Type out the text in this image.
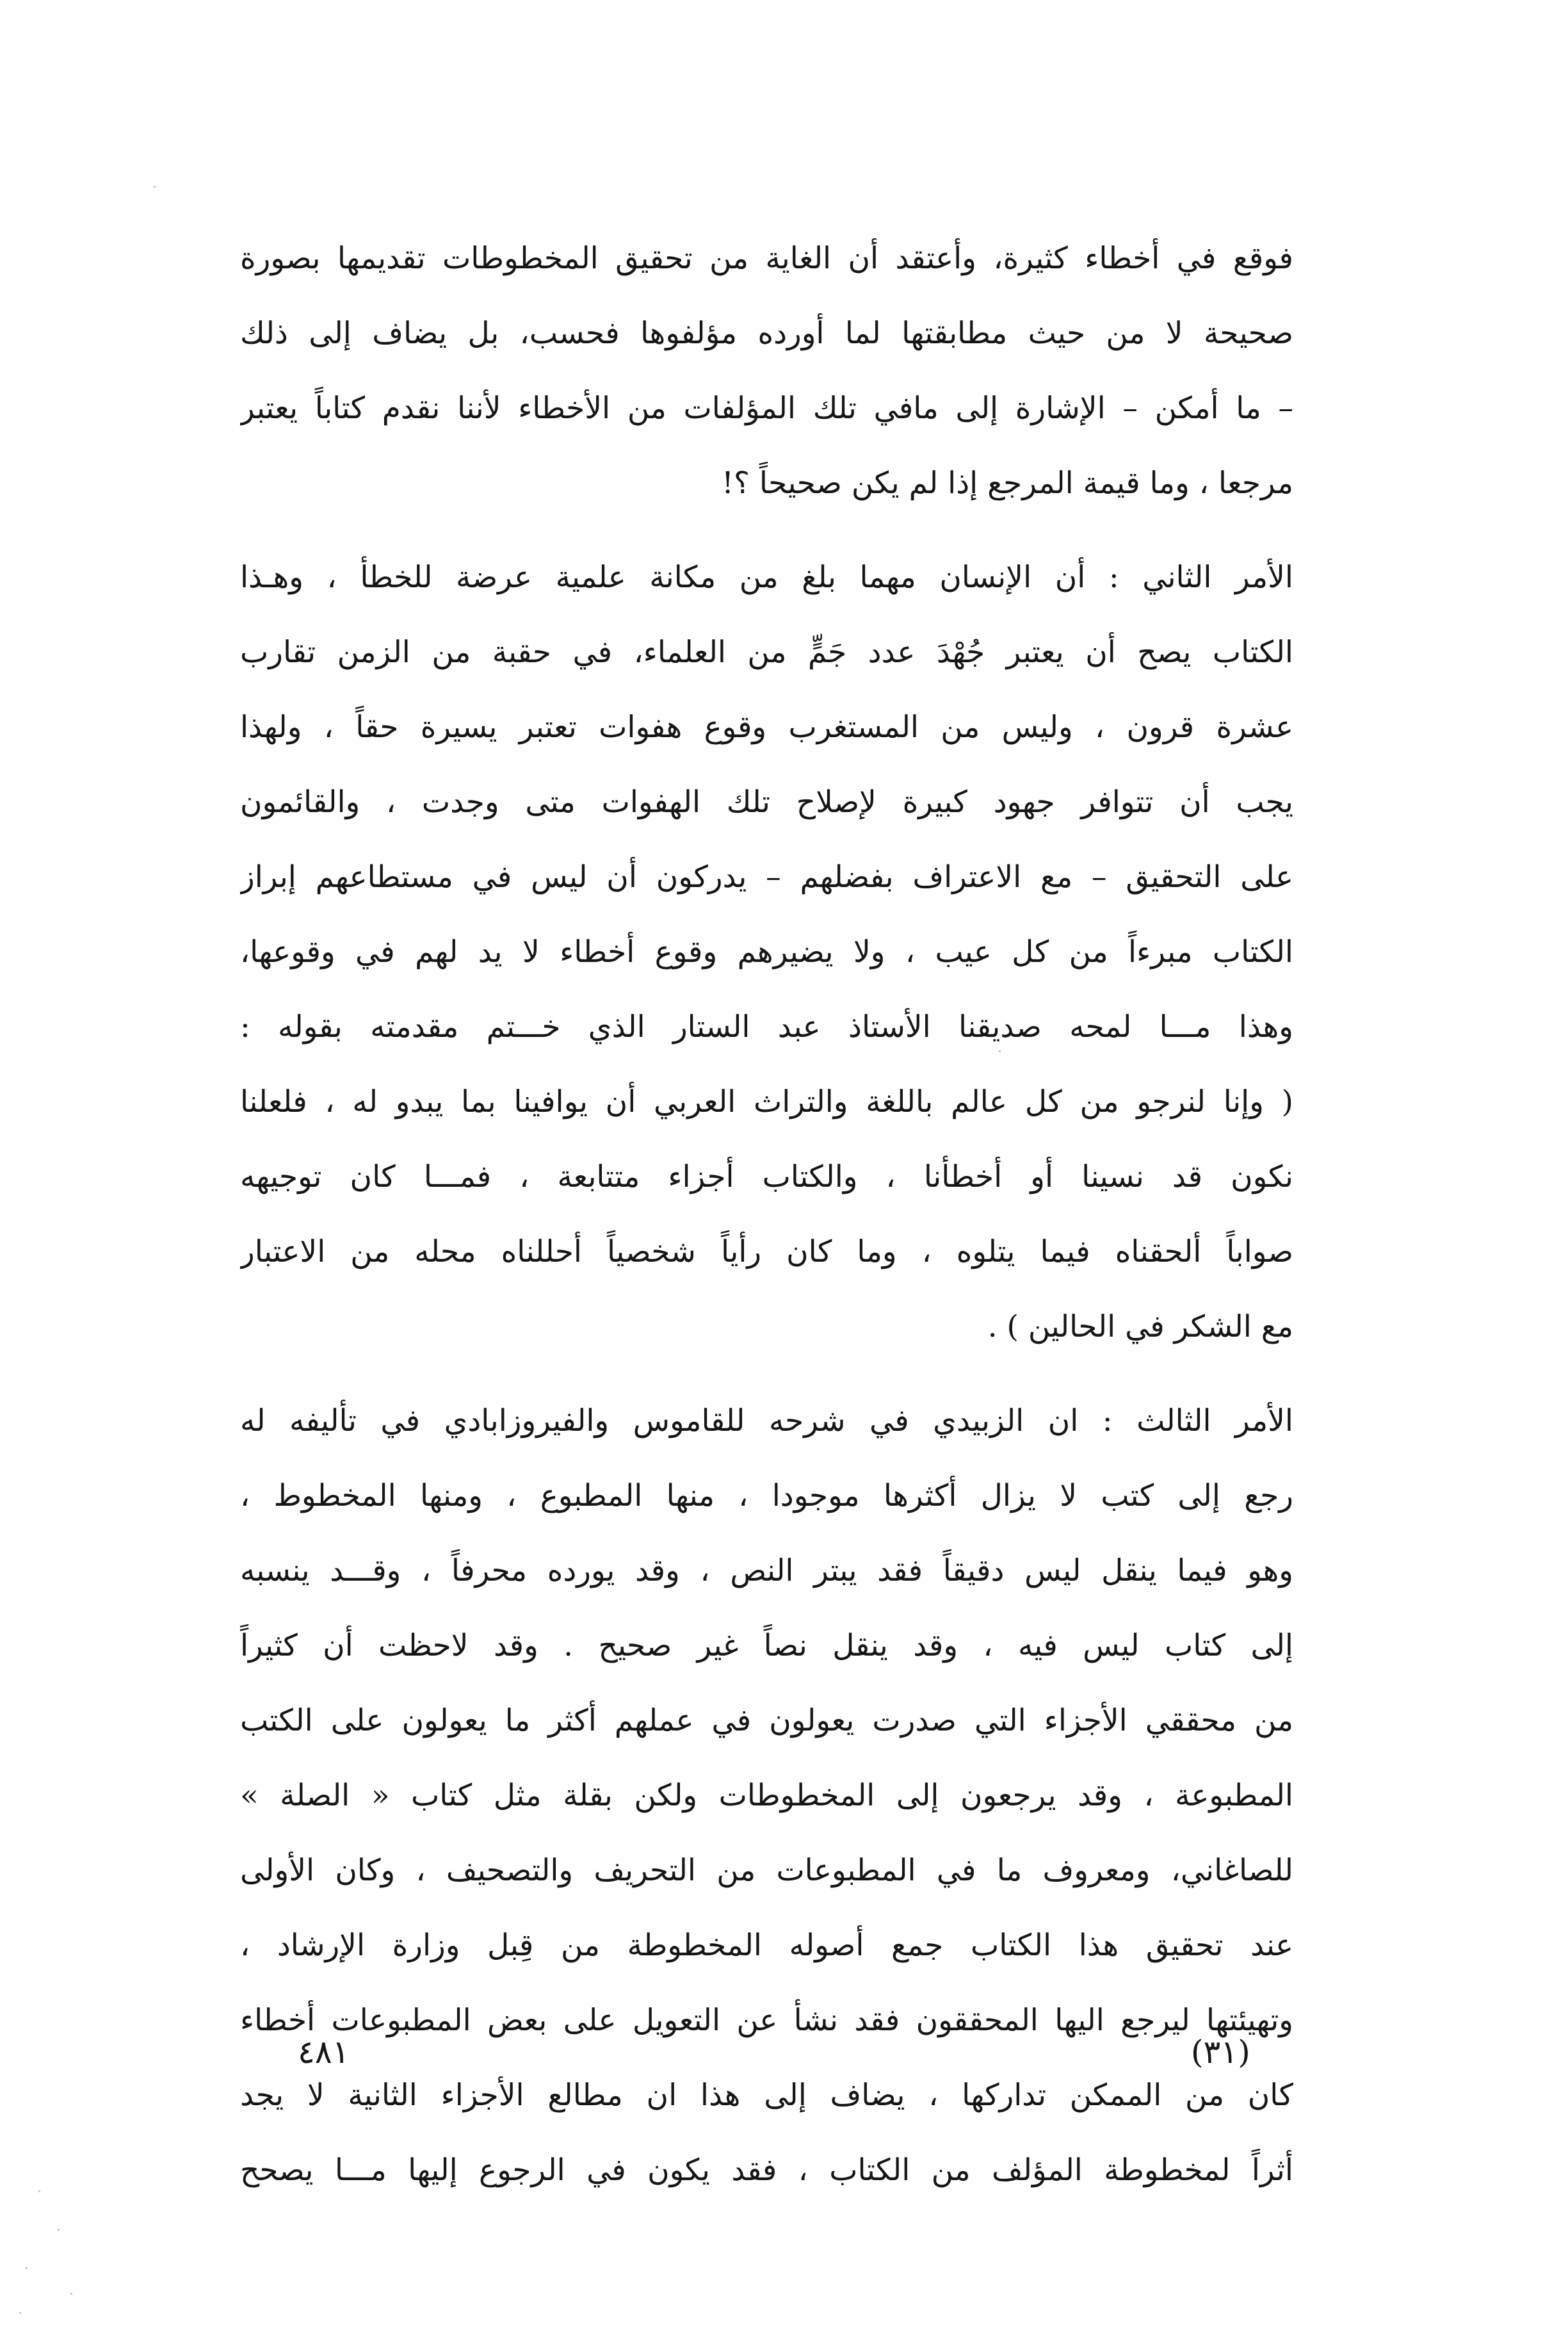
فوقع في أخطاء كثيرة، وأعتقد أن الغاية من تحقيق المخطوطات تقديمها بصورة
صحيحة لا من حيث مطابقتها لما أورده مؤلفوها فحسب، بل يضاف إلى ذلك
– ما أمكن – الإشارة إلى مافي تلك المؤلفات من الأخطاء لأننا نقدم كتاباً يعتبر
مرجعا ، وما قيمة المرجع إذا لم يكن صحيحاً ؟!

الأمر الثاني : أن الإنسان مهما بلغ من مكانة علمية عرضة للخطأ ، وهـذا
الكتاب يصح أن يعتبر جُهْدَ عدد جَمٍّ من العلماء، في حقبة من الزمن تقارب
عشرة قرون ، وليس من المستغرب وقوع هفوات تعتبر يسيرة حقاً ، ولهذا
يجب أن تتوافر جهود كبيرة لإصلاح تلك الهفوات متى وجدت ، والقائمون
على التحقيق – مع الاعتراف بفضلهم – يدركون أن ليس في مستطاعهم إبراز
الكتاب مبرءاً من كل عيب ، ولا يضيرهم وقوع أخطاء لا يد لهم في وقوعها،
وهذا مـــا لمحه صديقنا الأستاذ عبد الستار الذي خـــتم مقدمته بقوله :
( وإنا لنرجو من كل عالم باللغة والتراث العربي أن يوافينا بما يبدو له ، فلعلنا
نكون قد نسينا أو أخطأنا ، والكتاب أجزاء متتابعة ، فمـــا كان توجيهه
صواباً ألحقناه فيما يتلوه ، وما كان رأياً شخصياً أحللناه محله من الاعتبار
مع الشكر في الحالين ) .

الأمر الثالث : ان الزبيدي في شرحه للقاموس والفيروزابادي في تأليفه له
رجع إلى كتب لا يزال أكثرها موجودا ، منها المطبوع ، ومنها المخطوط ،
وهو فيما ينقل ليس دقيقاً فقد يبتر النص ، وقد يورده محرفاً ، وقـــد ينسبه
إلى كتاب ليس فيه ، وقد ينقل نصاً غير صحيح . وقد لاحظت أن كثيراً
من محققي الأجزاء التي صدرت يعولون في عملهم أكثر ما يعولون على الكتب
المطبوعة ، وقد يرجعون إلى المخطوطات ولكن بقلة مثل كتاب « الصلة »
للصاغاني، ومعروف ما في المطبوعات من التحريف والتصحيف ، وكان الأولى
عند تحقيق هذا الكتاب جمع أصوله المخطوطة من قِبل وزارة الإرشاد ،
وتهيئتها ليرجع اليها المحققون فقد نشأ عن التعويل على بعض المطبوعات أخطاء
كان من الممكن تداركها ، يضاف إلى هذا ان مطالع الأجزاء الثانية لا يجد
أثراً لمخطوطة المؤلف من الكتاب ، فقد يكون في الرجوع إليها مـــا يصحح

٤٨١	(٣١)
